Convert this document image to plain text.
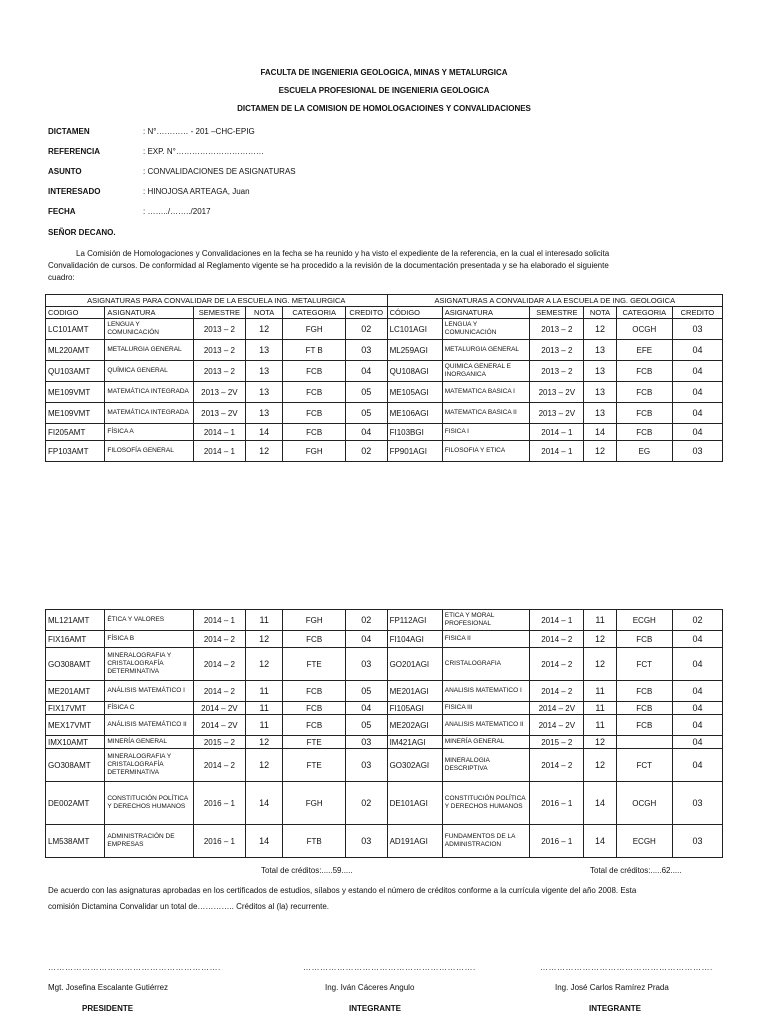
FACULTA DE INGENIERIA GEOLOGICA, MINAS Y METALURGICA
ESCUELA PROFESIONAL DE INGENIERIA GEOLOGICA
DICTAMEN DE LA COMISION DE HOMOLOGACIOINES Y CONVALIDACIONES
DICTAMEN	: N°………… - 201 –CHC-EPIG
REFERENCIA	: EXP. N°……………………………
ASUNTO	: CONVALIDACIONES DE ASIGNATURAS
INTERESADO	: HINOJOSA ARTEAGA, Juan
FECHA	: ……../……../2017
SEÑOR DECANO.
La Comisión de Homologaciones y Convalidaciones en la fecha se ha reunido y ha visto el expediente de la referencia, en la cual el interesado solicita
Convalidación de cursos. De conformidad al Reglamento vigente se ha procedido a la revisión de la documentación presentada y se ha elaborado el siguiente
cuadro:
ASIGNATURAS PARA CONVALIDAR DE LA ESCUELA ING. METALURGICA						ASIGNATURAS A CONVALIDAR A LA ESCUELA DE ING. GEOLOGICA					
CODIGO	ASIGNATURA	SEMESTRE	NOTA	CATEGORIA	CREDITO	CÓDIGO	ASIGNATURA	SEMESTRE	NOTA	CATEGORIA	CREDITO
LC101AMT	LENGUA Y COMUNICACIÓN	2013 – 2	12	FGH	02	LC101AGI	LENGUA Y COMUNICACIÓN	2013 – 2	12	OCGH	03
ML220AMT	METALURGIA GENERAL	2013 – 2	13	FT B	03	ML259AGI	METALURGIA GENERAL	2013 – 2	13	EFE	04
QU103AMT	QUÍMICA GENERAL	2013 – 2	13	FCB	04	QU108AGI	QUIMICA GENERAL E INORGANICA	2013 – 2	13	FCB	04
ME109VMT	MATEMÁTICA INTEGRADA	2013 – 2V	13	FCB	05	ME105AGI	MATEMATICA BASICA I	2013 – 2V	13	FCB	04
ME109VMT	MATEMÁTICA INTEGRADA	2013 – 2V	13	FCB	05	ME106AGI	MATEMATICA BASICA II	2013 – 2V	13	FCB	04
FI205AMT	FÍSICA A	2014 – 1	14	FCB	04	FI103BGI	FISICA I	2014 – 1	14	FCB	04
FP103AMT	FILOSOFÍA GENERAL	2014 – 1	12	FGH	02	FP901AGI	FILOSOFIA Y ETICA	2014 – 1	12	EG	03
ML121AMT	ÉTICA Y VALORES	2014 – 1	11	FGH	02	FP112AGI	ETICA Y MORAL PROFESIONAL	2014 – 1	11	ECGH	02
FIX16AMT	FÍSICA B	2014 – 2	12	FCB	04	FI104AGI	FISICA II	2014 – 2	12	FCB	04
GO308AMT	MINERALOGRAFIA Y CRISTALOGRAFÍA DETERMINATIVA	2014 – 2	12	FTE	03	GO201AGI	CRISTALOGRAFIA	2014 – 2	12	FCT	04
ME201AMT	ANÁLISIS MATEMÁTICO I	2014 – 2	11	FCB	05	ME201AGI	ANALISIS MATEMATICO I	2014 – 2	11	FCB	04
FIX17VMT	FÍSICA C	2014 – 2V	11	FCB	04	FI105AGI	FISICA III	2014 – 2V	11	FCB	04
MEX17VMT	ANÁLISIS MATEMÁTICO II	2014 – 2V	11	FCB	05	ME202AGI	ANALISIS MATEMATICO II	2014 – 2V	11	FCB	04
IMX10AMT	MINERÍA GENERAL	2015 – 2	12	FTE	03	IM421AGI	MINERÍA GENERAL	2015 – 2	12		04
GO308AMT	MINERALOGRAFIA Y CRISTALOGRAFÍA DETERMINATIVA	2014 – 2	12	FTE	03	GO302AGI	MINERALOGIA DESCRIPTIVA	2014 – 2	12	FCT	04
DE002AMT	CONSTITUCIÓN POLÍTICA Y DERECHOS HUMANOS	2016 – 1	14	FGH	02	DE101AGI	CONSTITUCIÓN POLÍTICA Y DERECHOS HUMANOS	2016 – 1	14	OCGH	03
LM538AMT	ADMINISTRACIÓN DE EMPRESAS	2016 – 1	14	FTB	03	AD191AGI	FUNDAMENTOS DE LA ADMINISTRACION	2016 – 1	14	ECGH	03
Total de créditos:.....59.....	Total de créditos:.....62.....
De acuerdo con las asignaturas aprobadas en los certificados de estudios, sílabos y estando el número de créditos conforme a la currícula vigente del año 2008. Esta
comisión Dictamina Convalidar un total de………….. Créditos al (la) recurrente.
…………………………………………………….	…………………………………………………….	…………………………………………………….
Mgt. Josefina Escalante Gutiérrez	Ing. Iván Cáceres Angulo	Ing. José Carlos Ramírez Prada
PRESIDENTE	INTEGRANTE	INTEGRANTE
